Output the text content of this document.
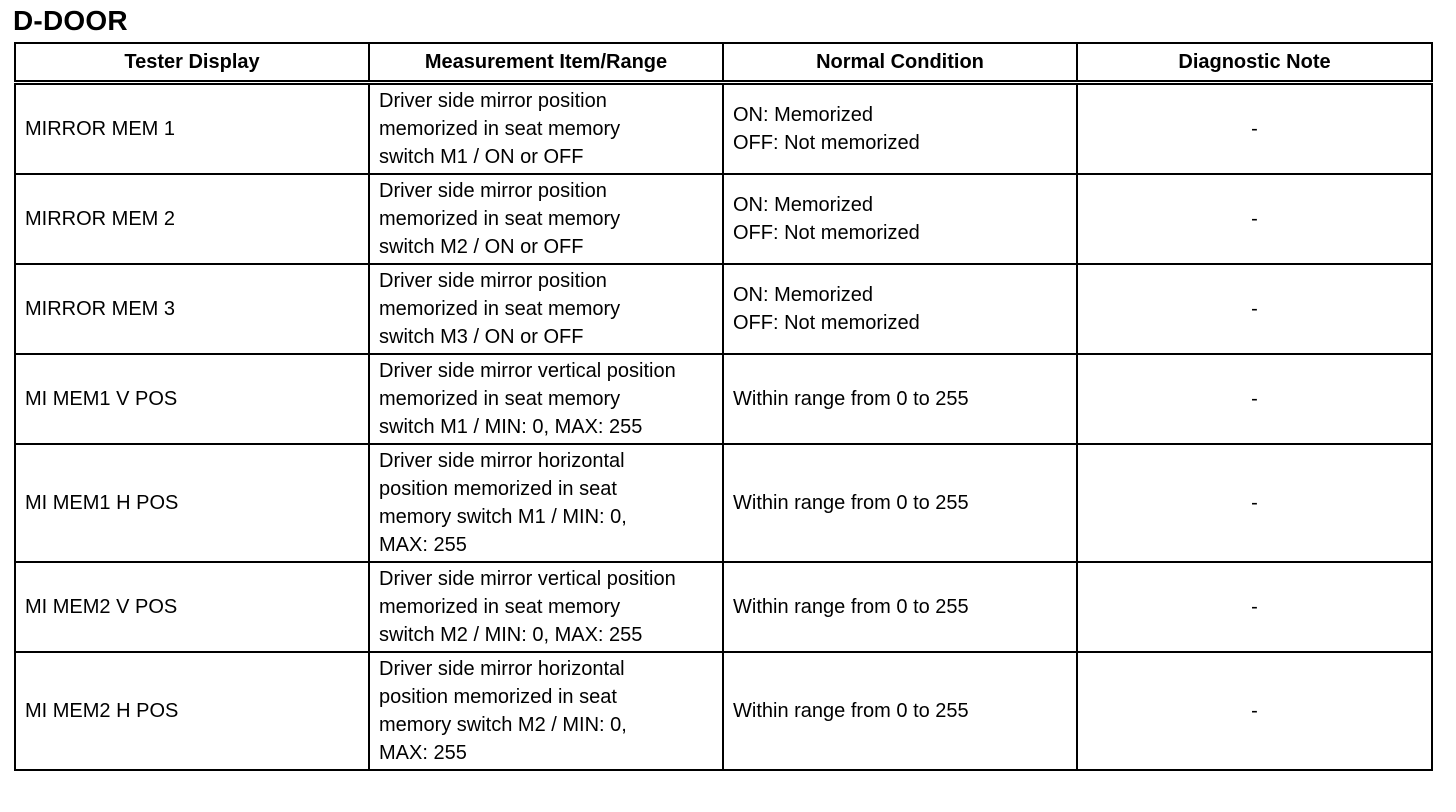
D-DOOR
Tester Display	Measurement Item/Range	Normal Condition	Diagnostic Note
MIRROR MEM 1	Driver side mirror position
memorized in seat memory
switch M1 / ON or OFF	ON: Memorized
OFF: Not memorized	-
MIRROR MEM 2	Driver side mirror position
memorized in seat memory
switch M2 / ON or OFF	ON: Memorized
OFF: Not memorized	-
MIRROR MEM 3	Driver side mirror position
memorized in seat memory
switch M3 / ON or OFF	ON: Memorized
OFF: Not memorized	-
MI MEM1 V POS	Driver side mirror vertical position
memorized in seat memory
switch M1 / MIN: 0, MAX: 255	Within range from 0 to 255	-
MI MEM1 H POS	Driver side mirror horizontal
position memorized in seat
memory switch M1 / MIN: 0,
MAX: 255	Within range from 0 to 255	-
MI MEM2 V POS	Driver side mirror vertical position
memorized in seat memory
switch M2 / MIN: 0, MAX: 255	Within range from 0 to 255	-
MI MEM2 H POS	Driver side mirror horizontal
position memorized in seat
memory switch M2 / MIN: 0,
MAX: 255	Within range from 0 to 255	-
